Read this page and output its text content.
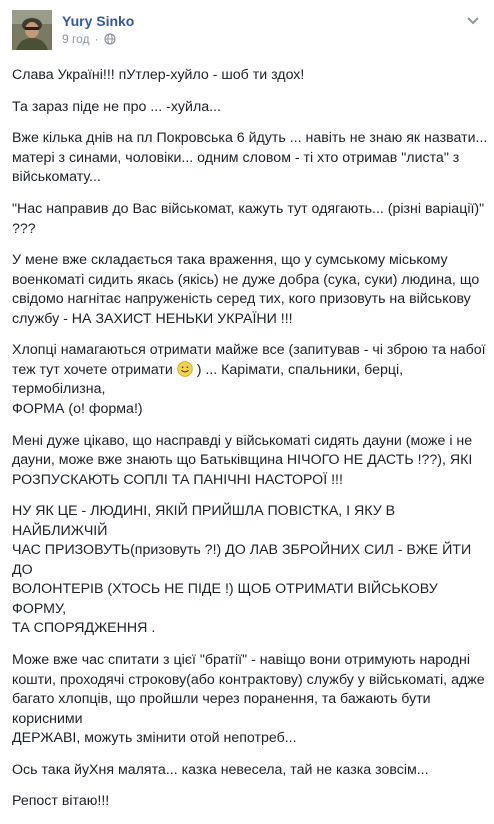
Yury Sinko
9 год ·

Слава Україні!!! пУтлер-хуйло - шоб ти здох!

Та зараз піде не про ... -хуйла...

Вже кілька днів на пл Покровська 6 йдуть ... навіть не знаю як назвати...
матері з синами, чоловіки... одним словом - ті хто отримав "листа" з
військомату...

"Нас направив до Вас військомат, кажуть тут одягають... (різні варіації)"
???

У мене вже складається така враження, що у сумському міському
военкоматі сидить якась (якісь) не дуже добра (сука, суки) людина, що
свідомо нагнітає напруженість серед тих, кого призовуть на військову
службу - НА ЗАХИСТ НЕНЬКИ УКРАЇНИ !!!

Хлопці намагаються отримати майже все (запитував - чі зброю та набої
теж тут хочете отримати  ) ... Карімати, спальники, берці, термобілизна,
ФОРМА (о! форма!)

Мені дуже цікаво, що насправді у військоматі сидять дауни (може і не
дауни, може вже знають що Батьківщина НІЧОГО НЕ ДАСТЬ !??), ЯКІ
РОЗПУСКАЮТЬ СОПЛІ ТА ПАНІЧНІ НАСТОРОЇ !!!

НУ ЯК ЦЕ - ЛЮДИНІ, ЯКІЙ ПРИЙШЛА ПОВІСТКА, І ЯКУ В НАЙБЛИЖЧІЙ
ЧАС ПРИЗОВУТЬ(призовуть ?!) ДО ЛАВ ЗБРОЙНИХ СИЛ - ВЖЕ ЙТИ ДО
ВОЛОНТЕРІВ (ХТОСЬ НЕ ПІДЕ !) ЩОБ ОТРИМАТИ ВІЙСЬКОВУ ФОРМУ,
ТА СПОРЯДЖЕННЯ .

Може вже час спитати з цієї "братії" - навіщо вони отримують народні
кошти, проходячі строкову(або контрактову) службу у військоматі, адже
багато хлопців, що пройшли через поранення, та бажають бути корисними
ДЕРЖАВІ, можуть змінити отой непотреб...

Ось така йуХня малята... казка невесела, тай не казка зовсім...

Репост вітаю!!!
